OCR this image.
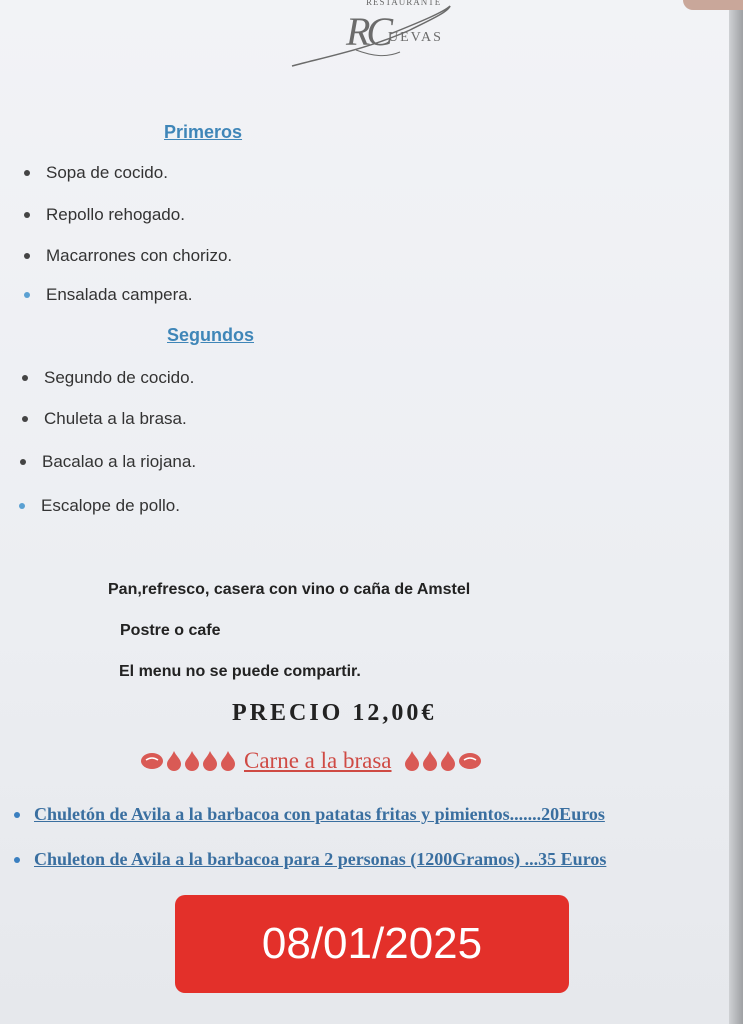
RESTAURANTE
RC
UEVAS
Primeros
Sopa de cocido.
Repollo rehogado.
Macarrones con chorizo.
Ensalada campera.
Segundos
Segundo de cocido.
Chuleta a la brasa.
Bacalao a la riojana.
Escalope de pollo.
Pan,refresco, casera con vino o caña de Amstel
Postre o cafe
El menu no se puede compartir.
PRECIO 12,00€
Carne a la brasa
Chuletón de Avila a la barbacoa con patatas fritas y pimientos.......20Euros
Chuleton de Avila a la barbacoa para 2 personas (1200Gramos) ...35 Euros
08/01/2025
